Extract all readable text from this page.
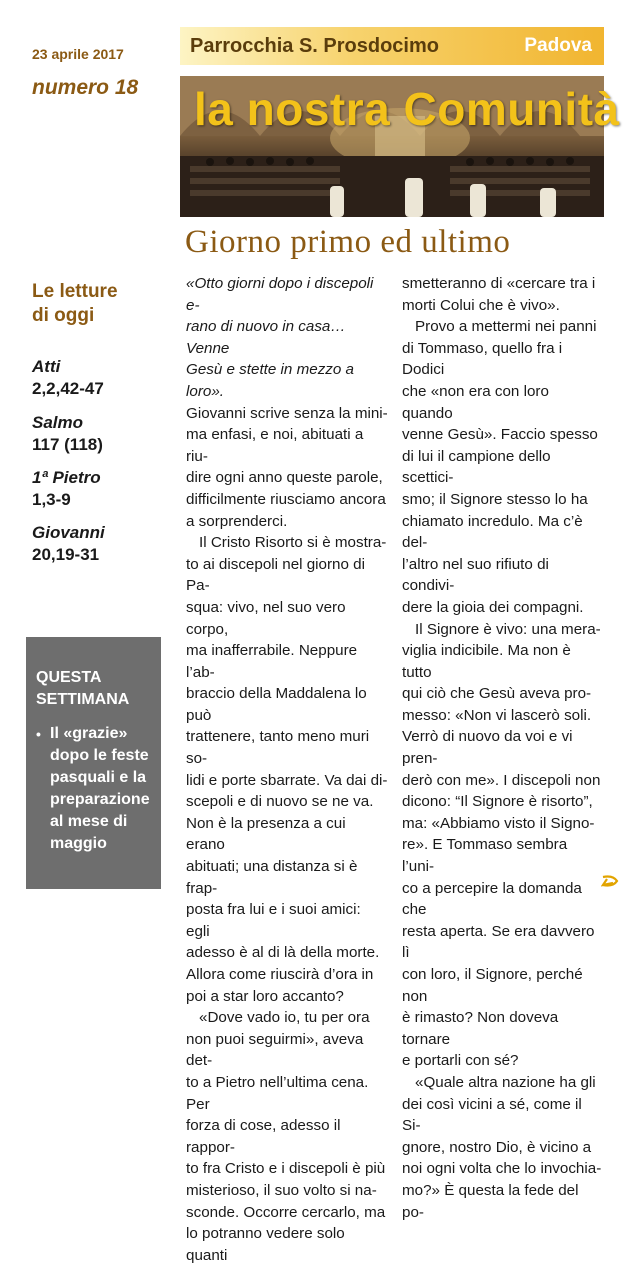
23 aprile 2017
numero 18
Parrocchia S. Prosdocimo	Padova
la nostra Comunità
Giorno primo ed ultimo
Le letture
di oggi
Atti
2,2,42-47
Salmo
117 (118)
1ª Pietro
1,3-9
Giovanni
20,19-31
QUESTA
SETTIMANA
• Il «grazie»
dopo le feste
pasquali e la
preparazione
al mese di
maggio

«Otto giorni dopo i discepoli e-

rano di nuovo in casa… Venne

Gesù e stette in mezzo a loro».

Giovanni scrive senza la mini-

ma enfasi, e noi, abituati a riu-

dire ogni anno queste parole,

difficilmente riusciamo ancora

a sorprenderci.

Il Cristo Risorto si è mostra-

to ai discepoli nel giorno di Pa-

squa: vivo, nel suo vero corpo,

ma inafferrabile. Neppure l’ab-

braccio della Maddalena lo può

trattenere, tanto meno muri so-

lidi e porte sbarrate. Va dai di-

scepoli e di nuovo se ne va.

Non è la presenza a cui erano

abituati; una distanza si è frap-

posta fra lui e i suoi amici: egli

adesso è al di là della morte.

Allora come riuscirà d’ora in

poi a star loro accanto?

«Dove vado io, tu per ora

non puoi seguirmi», aveva det-

to a Pietro nell’ultima cena. Per

forza di cose, adesso il rappor-

to fra Cristo e i discepoli è più

misterioso, il suo volto si na-

sconde. Occorre cercarlo, ma

lo potranno vedere solo quanti

smetteranno di «cercare tra i

morti Colui che è vivo».

Provo a mettermi nei panni

di Tommaso, quello fra i Dodici

che «non era con loro quando

venne Gesù». Faccio spesso

di lui il campione dello scettici-

smo; il Signore stesso lo ha

chiamato incredulo. Ma c’è del-

l’altro nel suo rifiuto di condivi-

dere la gioia dei compagni.

Il Signore è vivo: una mera-

viglia indicibile. Ma non è tutto

qui ciò che Gesù aveva pro-

messo: «Non vi lascerò soli.

Verrò di nuovo da voi e vi pren-

derò con me». I discepoli non

dicono: “Il Signore è risorto”,

ma: «Abbiamo visto il Signo-

re». E Tommaso sembra l’uni-

co a percepire la domanda che

resta aperta. Se era davvero lì

con loro, il Signore, perché non

è rimasto? Non doveva tornare

e portarli con sé?

«Quale altra nazione ha gli

dei così vicini a sé, come il Si-

gnore, nostro Dio, è vicino a

noi ogni volta che lo invochia-

mo?» È questa la fede del po-
